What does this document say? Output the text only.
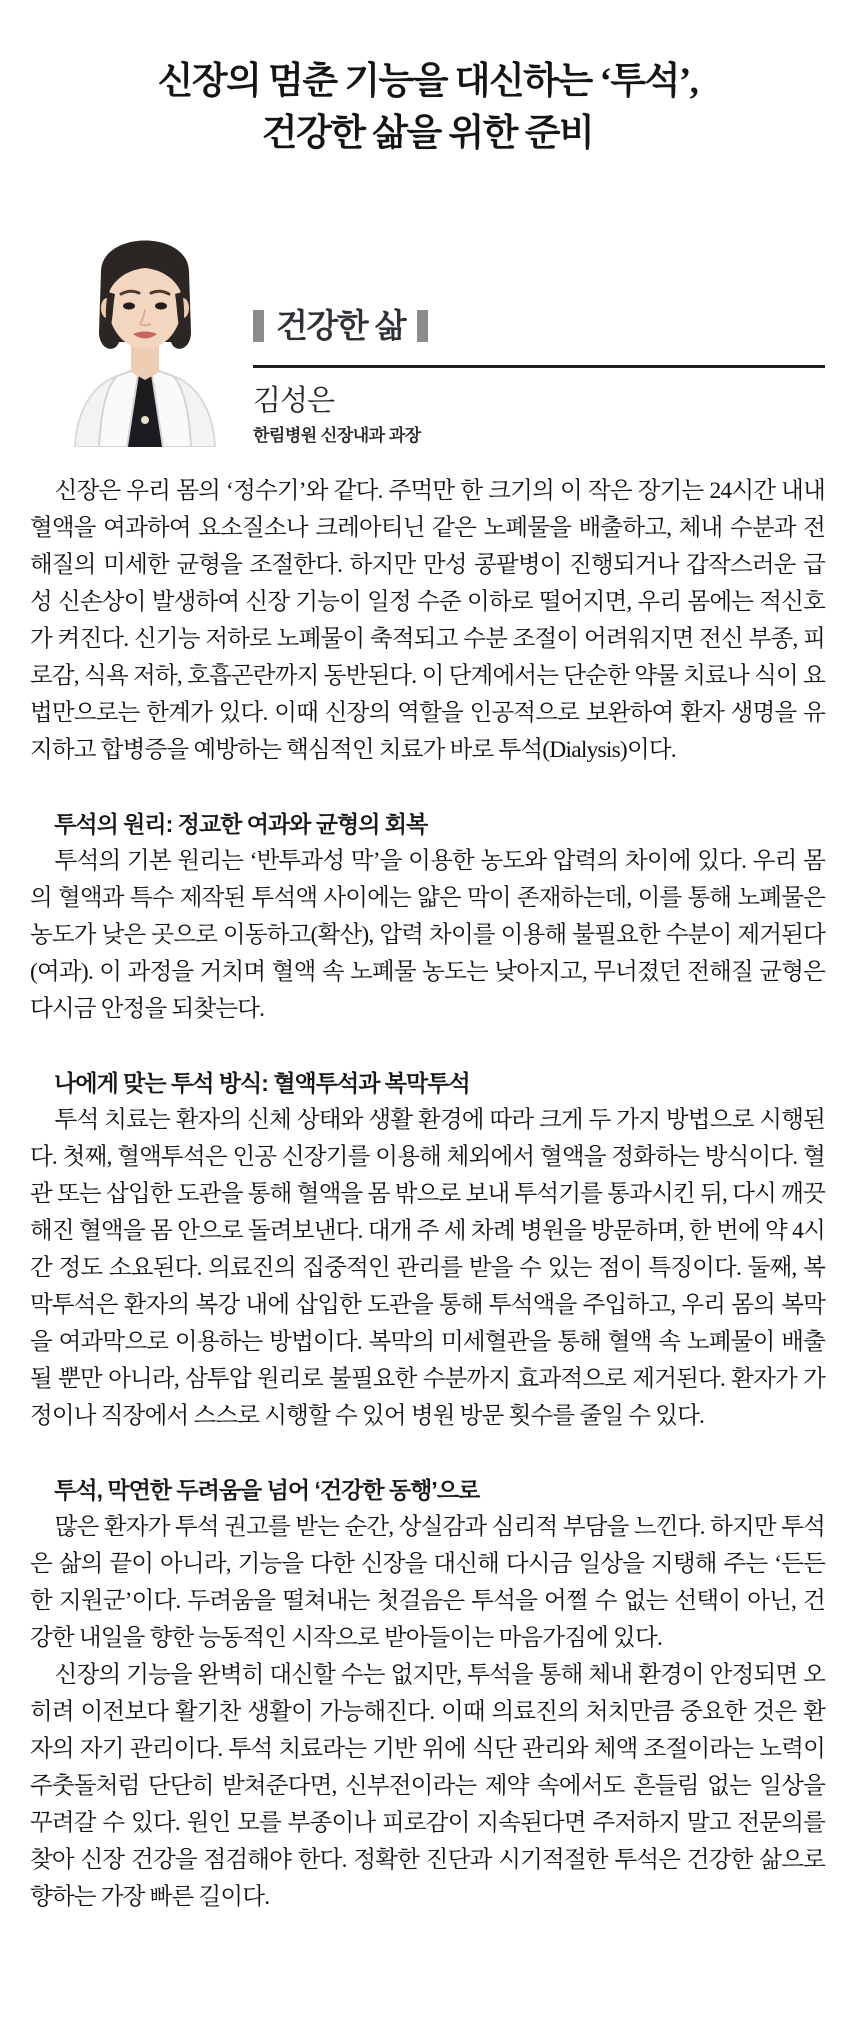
신장의 멈춘 기능을 대신하는 ‘투석’,
건강한 삶을 위한 준비
건강한 삶
김성은
한림병원 신장내과 과장

신장은 우리 몸의 ‘정수기’와 같다. 주먹만 한 크기의 이 작은 장기는 24시간 내내 혈액을 여과하여 요소질소나 크레아티닌 같은 노폐물을 배출하고, 체내 수분과 전해질의 미세한 균형을 조절한다. 하지만 만성 콩팥병이 진행되거나 갑작스러운 급성 신손상이 발생하여 신장 기능이 일정 수준 이하로 떨어지면, 우리 몸에는 적신호가 켜진다. 신기능 저하로 노폐물이 축적되고 수분 조절이 어려워지면 전신 부종, 피로감, 식욕 저하, 호흡곤란까지 동반된다. 이 단계에서는 단순한 약물 치료나 식이 요법만으로는 한계가 있다. 이때 신장의 역할을 인공적으로 보완하여 환자 생명을 유지하고 합병증을 예방하는 핵심적인 치료가 바로 투석(Dialysis)이다.

투석의 원리: 정교한 여과와 균형의 회복

투석의 기본 원리는 ‘반투과성 막’을 이용한 농도와 압력의 차이에 있다. 우리 몸의 혈액과 특수 제작된 투석액 사이에는 얇은 막이 존재하는데, 이를 통해 노폐물은 농도가 낮은 곳으로 이동하고(확산), 압력 차이를 이용해 불필요한 수분이 제거된다(여과). 이 과정을 거치며 혈액 속 노폐물 농도는 낮아지고, 무너졌던 전해질 균형은 다시금 안정을 되찾는다.

나에게 맞는 투석 방식: 혈액투석과 복막투석

투석 치료는 환자의 신체 상태와 생활 환경에 따라 크게 두 가지 방법으로 시행된다. 첫째, 혈액투석은 인공 신장기를 이용해 체외에서 혈액을 정화하는 방식이다. 혈관 또는 삽입한 도관을 통해 혈액을 몸 밖으로 보내 투석기를 통과시킨 뒤, 다시 깨끗해진 혈액을 몸 안으로 돌려보낸다. 대개 주 세 차례 병원을 방문하며, 한 번에 약 4시간 정도 소요된다. 의료진의 집중적인 관리를 받을 수 있는 점이 특징이다. 둘째, 복막투석은 환자의 복강 내에 삽입한 도관을 통해 투석액을 주입하고, 우리 몸의 복막을 여과막으로 이용하는 방법이다. 복막의 미세혈관을 통해 혈액 속 노폐물이 배출될 뿐만 아니라, 삼투압 원리로 불필요한 수분까지 효과적으로 제거된다. 환자가 가정이나 직장에서 스스로 시행할 수 있어 병원 방문 횟수를 줄일 수 있다.

투석, 막연한 두려움을 넘어 ‘건강한 동행’으로

많은 환자가 투석 권고를 받는 순간, 상실감과 심리적 부담을 느낀다. 하지만 투석은 삶의 끝이 아니라, 기능을 다한 신장을 대신해 다시금 일상을 지탱해 주는 ‘든든한 지원군’이다. 두려움을 떨쳐내는 첫걸음은 투석을 어쩔 수 없는 선택이 아닌, 건강한 내일을 향한 능동적인 시작으로 받아들이는 마음가짐에 있다.

신장의 기능을 완벽히 대신할 수는 없지만, 투석을 통해 체내 환경이 안정되면 오히려 이전보다 활기찬 생활이 가능해진다. 이때 의료진의 처치만큼 중요한 것은 환자의 자기 관리이다. 투석 치료라는 기반 위에 식단 관리와 체액 조절이라는 노력이 주춧돌처럼 단단히 받쳐준다면, 신부전이라는 제약 속에서도 흔들림 없는 일상을 꾸려갈 수 있다. 원인 모를 부종이나 피로감이 지속된다면 주저하지 말고 전문의를 찾아 신장 건강을 점검해야 한다. 정확한 진단과 시기적절한 투석은 건강한 삶으로 향하는 가장 빠른 길이다.
